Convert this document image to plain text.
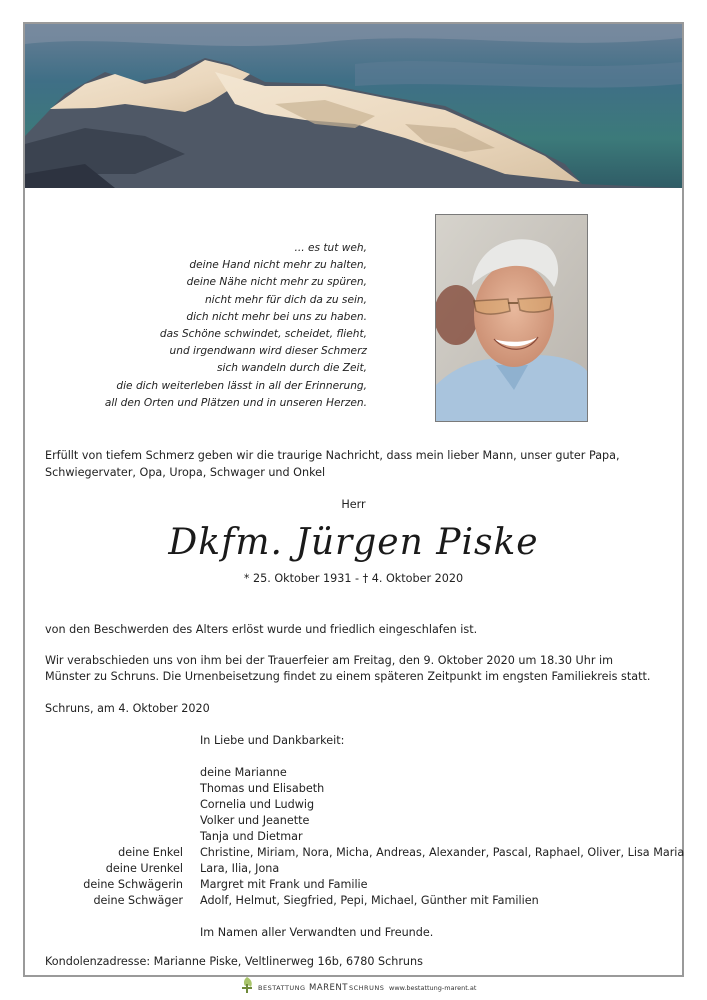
... es tut weh,
deine Hand nicht mehr zu halten,
deine Nähe nicht mehr zu spüren,
nicht mehr für dich da zu sein,
dich nicht mehr bei uns zu haben.
das Schöne schwindet, scheidet, flieht,
und irgendwann wird dieser Schmerz
sich wandeln durch die Zeit,
die dich weiterleben lässt in all der Erinnerung,
all den Orten und Plätzen und in unseren Herzen.
Erfüllt von tiefem Schmerz geben wir die traurige Nachricht, dass mein lieber Mann, unser guter Papa,
Schwiegervater, Opa, Uropa, Schwager und Onkel
Herr
Dkfm. Jürgen Piske
* 25. Oktober 1931 - † 4. Oktober 2020
von den Beschwerden des Alters erlöst wurde und friedlich eingeschlafen ist.
Wir verabschieden uns von ihm bei der Trauerfeier am Freitag, den 9. Oktober 2020 um 18.30 Uhr im
Münster zu Schruns. Die Urnenbeisetzung findet zu einem späteren Zeitpunkt im engsten Familiekreis statt.
Schruns, am 4. Oktober 2020
In Liebe und Dankbarkeit:
deine Marianne
Thomas und Elisabeth
Cornelia und Ludwig
Volker und Jeanette
Tanja und Dietmar
deine Enkel Christine, Miriam, Nora, Micha, Andreas, Alexander, Pascal, Raphael, Oliver, Lisa Maria
deine Urenkel Lara, Ilia, Jona
deine Schwägerin Margret mit Frank und Familie
deine Schwäger Adolf, Helmut, Siegfried, Pepi, Michael, Günther mit Familien
Im Namen aller Verwandten und Freunde.
Kondolenzadresse: Marianne Piske, Veltlinerweg 16b, 6780 Schruns
BESTATTUNG MARENT SCHRUNS www.bestattung-marent.at
